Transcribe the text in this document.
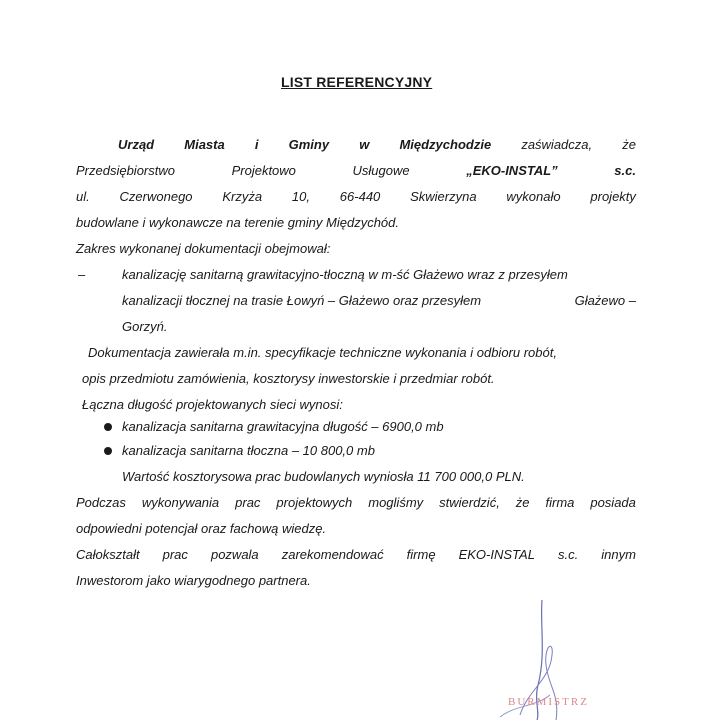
LIST REFERENCYJNY
Urząd Miasta i Gminy w Międzychodzie zaświadcza, że
Przedsiębiorstwo	Projektowo	Usługowe	„EKO-INSTAL”	s.c.
ul. Czerwonego Krzyża 10, 66-440 Skwierzyna wykonało projekty
budowlane i wykonawcze na terenie gminy Międzychód.
Zakres wykonanej dokumentacji obejmował:
–	kanalizację sanitarną grawitacyjno-tłoczną w m-ść Głażewo wraz z przesyłem
kanalizacji tłocznej na trasie Łowyń – Głażewo oraz przesyłem	Głażewo –
Gorzyń.
Dokumentacja zawierała m.in. specyfikacje techniczne wykonania i odbioru robót,
opis przedmiotu zamówienia, kosztorysy inwestorskie i przedmiar robót.
Łączna długość projektowanych sieci wynosi:
kanalizacja sanitarna grawitacyjna długość – 6900,0 mb
kanalizacja sanitarna tłoczna – 10 800,0 mb
Wartość kosztorysowa prac budowlanych wyniosła 11 700 000,0 PLN.
Podczas wykonywania prac projektowych mogliśmy stwierdzić, że firma posiada
odpowiedni potencjał oraz fachową wiedzę.
Całokształt prac pozwala zarekomendować firmę EKO-INSTAL s.c. innym
Inwestorom jako wiarygodnego partnera.
BURMISTRZ
